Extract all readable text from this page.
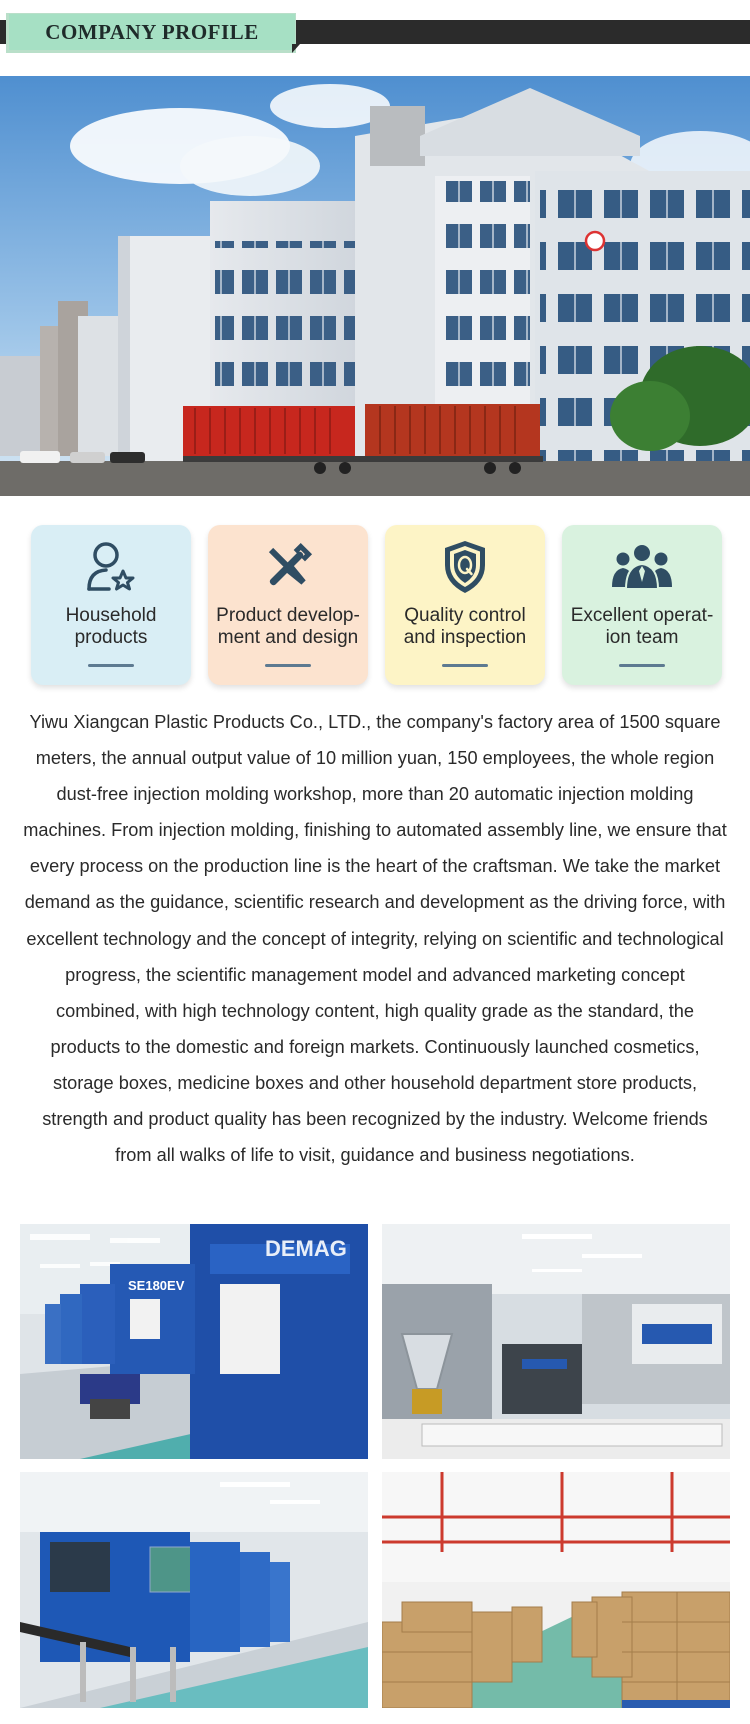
COMPANY PROFILE
Household products
Product develop-ment and design
Quality control and inspection
Excellent operat-ion team
Yiwu Xiangcan Plastic Products Co., LTD., the company's factory area of 1500 square meters, the annual output value of 10 million yuan, 150 employees, the whole region dust-free injection molding workshop, more than 20 automatic injection molding machines. From injection molding, finishing to automated assembly line, we ensure that every process on the production line is the heart of the craftsman. We take the market demand as the guidance, scientific research and development as the driving force, with excellent technology and the concept of integrity, relying on scientific and technological progress, the scientific management model and advanced marketing concept combined, with high technology content, high quality grade as the standard, the products to the domestic and foreign markets. Continuously launched cosmetics, storage boxes, medicine boxes and other household department store products, strength and product quality has been recognized by the industry. Welcome friends from all walks of life to visit, guidance and business negotiations.
DEMAG
SE180EV
